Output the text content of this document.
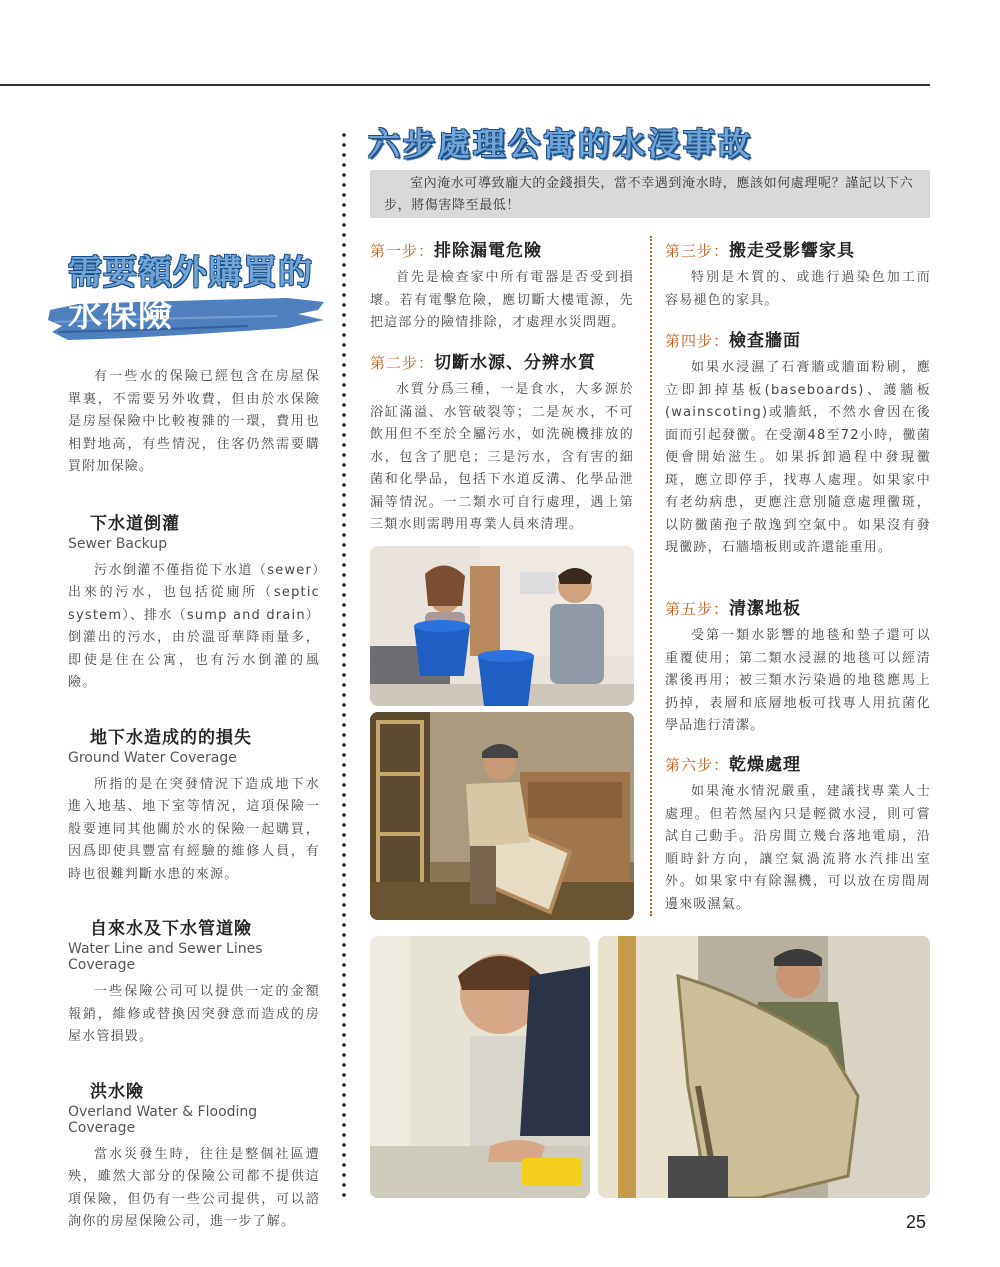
需要額外購買的
水保險

有一些水的保險已經包含在房屋保單裏，不需要另外收費，但由於水保險是房屋保險中比較複雜的一環，費用也相對地高，有些情況，住客仍然需要購買附加保險。

下水道倒灌
Sewer Backup

污水倒灌不僅指從下水道（sewer）出來的污水，也包括從廁所（septic system）、排水（sump and drain）倒灌出的污水，由於溫哥華降雨量多，即使是住在公寓，也有污水倒灌的風險。

地下水造成的的損失
Ground Water Coverage

所指的是在突發情況下造成地下水進入地基、地下室等情況，這項保險一般要連同其他關於水的保險一起購買，因爲即使具豐富有經驗的維修人員，有時也很難判斷水患的來源。

自來水及下水管道險
Water Line and Sewer Lines Coverage

一些保險公司可以提供一定的金額報銷，維修或替換因突發意而造成的房屋水管損毀。

洪水險
Overland Water & Flooding Coverage

當水災發生時，往往是整個社區遭殃，雖然大部分的保險公司都不提供這項保險，但仍有一些公司提供，可以諮詢你的房屋保險公司，進一步了解。

六步處理公寓的水浸事故

室內淹水可導致龐大的金錢損失，當不幸遇到淹水時，應該如何處理呢？謹記以下六步，將傷害降至最低！

第一步：排除漏電危險

首先是檢查家中所有電器是否受到損壞。若有電擊危險，應切斷大樓電源，先把這部分的險情排除，才處理水災問題。

第二步：切斷水源、分辨水質

水質分爲三種，一是食水，大多源於浴缸滿溢、水管破裂等；二是灰水，不可飲用但不至於全屬污水，如洗碗機排放的水，包含了肥皂；三是污水，含有害的細菌和化學品，包括下水道反溝、化學品泄漏等情況。一二類水可自行處理，遇上第三類水則需聘用專業人員來清理。

第三步：搬走受影響家具

特別是木質的、或進行過染色加工而容易褪色的家具。

第四步：檢查牆面

如果水浸濕了石膏牆或牆面粉刷，應立即卸掉基板(baseboards)、護牆板(wainscoting)或牆紙，不然水會因在後面而引起發黴。在受潮48至72小時，黴菌便會開始滋生。如果拆卸過程中發現黴斑，應立即停手，找專人處理。如果家中有老幼病患，更應注意別隨意處理黴斑，以防黴菌孢子散逸到空氣中。如果沒有發現黴跡，石牆墻板則或許還能重用。

第五步：清潔地板

受第一類水影響的地毯和墊子還可以重覆使用；第二類水浸濕的地毯可以經清潔後再用；被三類水污染過的地毯應馬上扔掉，表層和底層地板可找專人用抗菌化學品進行清潔。

第六步：乾燥處理

如果淹水情況嚴重，建議找專業人士處理。但若然屋內只是輕微水浸，則可嘗試自己動手。沿房間立幾台落地電扇，沿順時針方向，讓空氣渦流將水汽排出室外。如果家中有除濕機，可以放在房間周邊來吸濕氣。

25
